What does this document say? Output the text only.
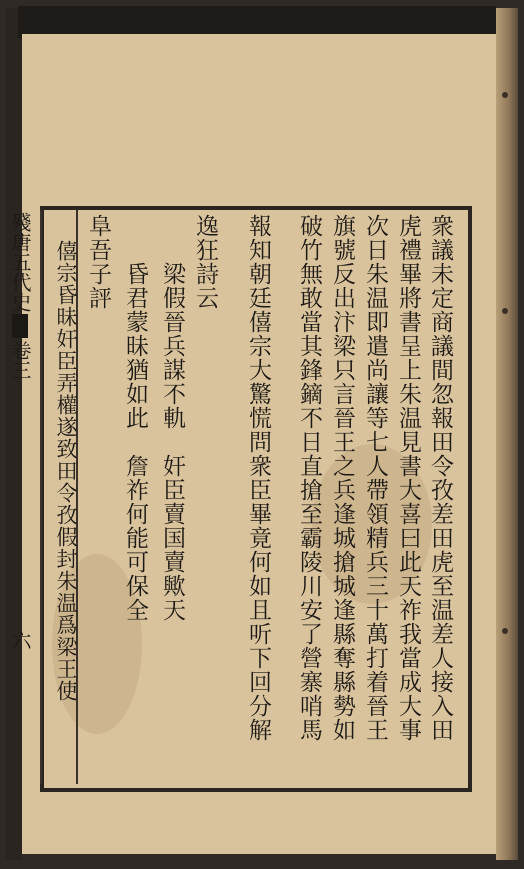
殘唐五代史卷三六	衆議未定商議間忽報田令孜差田虎至温差人接入田
虎禮畢將書呈上朱温見書大喜曰此天祚我當成大事
次日朱温即遣尚讓等七人帶領精兵三十萬打着晉王
旗號反出汴梁只言晉王之兵逢城搶城逢縣奪縣勢如
破竹無敢當其鋒鏑不日直搶至霸陵川安了營寨哨馬
報知朝廷僖宗大驚慌問衆臣畢竟何如且听下回分解
逸狂詩云
梁假晉兵謀不軌　奸臣賣国賣歟天
昏君蒙昧猶如此　詹祚何能可保全
阜吾子評
僖宗昏昧奸臣弄權遂致田令孜假封朱温爲梁王使
